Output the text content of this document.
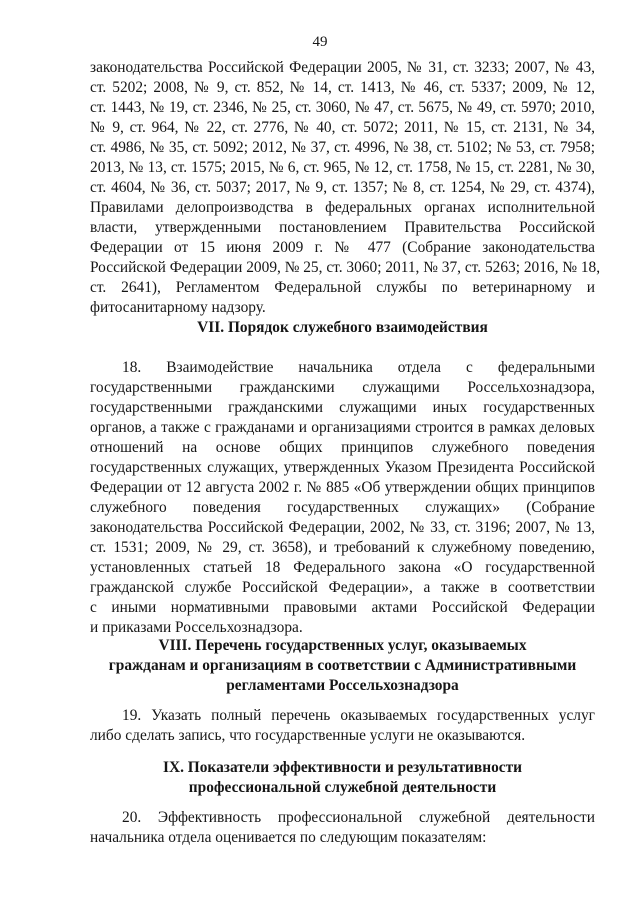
49
законодательства Российской Федерации 2005, № 31, ст. 3233; 2007, № 43,
ст. 5202; 2008, № 9, ст. 852, № 14, ст. 1413, № 46, ст. 5337; 2009, № 12,
ст. 1443, № 19, ст. 2346, № 25, ст. 3060, № 47, ст. 5675, № 49, ст. 5970; 2010,
№ 9, ст. 964, № 22, ст. 2776, № 40, ст. 5072; 2011, № 15, ст. 2131, № 34,
ст. 4986, № 35, ст. 5092; 2012, № 37, ст. 4996, № 38, ст. 5102; № 53, ст. 7958;
2013, № 13, ст. 1575; 2015, № 6, ст. 965, № 12, ст. 1758, № 15, ст. 2281, № 30,
ст. 4604, № 36, ст. 5037; 2017, № 9, ст. 1357; № 8, ст. 1254, № 29, ст. 4374),
Правилами делопроизводства в федеральных органах исполнительной
власти, утвержденными постановлением Правительства Российской
Федерации от 15 июня 2009 г. № 477 (Собрание законодательства
Российской Федерации 2009, № 25, ст. 3060; 2011, № 37, ст. 5263; 2016, № 18,
ст. 2641), Регламентом Федеральной службы по ветеринарному и
фитосанитарному надзору.
VII. Порядок служебного взаимодействия
18. Взаимодействие начальника отдела с федеральными
государственными гражданскими служащими Россельхознадзора,
государственными гражданскими служащими иных государственных
органов, а также с гражданами и организациями строится в рамках деловых
отношений на основе общих принципов служебного поведения
государственных служащих, утвержденных Указом Президента Российской
Федерации от 12 августа 2002 г. № 885 «Об утверждении общих принципов
служебного поведения государственных служащих» (Собрание
законодательства Российской Федерации, 2002, № 33, ст. 3196; 2007, № 13,
ст. 1531; 2009, № 29, ст. 3658), и требований к служебному поведению,
установленных статьей 18 Федерального закона «О государственной
гражданской службе Российской Федерации», а также в соответствии
с иными нормативными правовыми актами Российской Федерации
и приказами Россельхознадзора.
VIII. Перечень государственных услуг, оказываемых
гражданам и организациям в соответствии с Административными
регламентами Россельхознадзора
19. Указать полный перечень оказываемых государственных услуг
либо сделать запись, что государственные услуги не оказываются.
IX. Показатели эффективности и результативности
профессиональной служебной деятельности
20. Эффективность профессиональной служебной деятельности
начальника отдела оценивается по следующим показателям:
